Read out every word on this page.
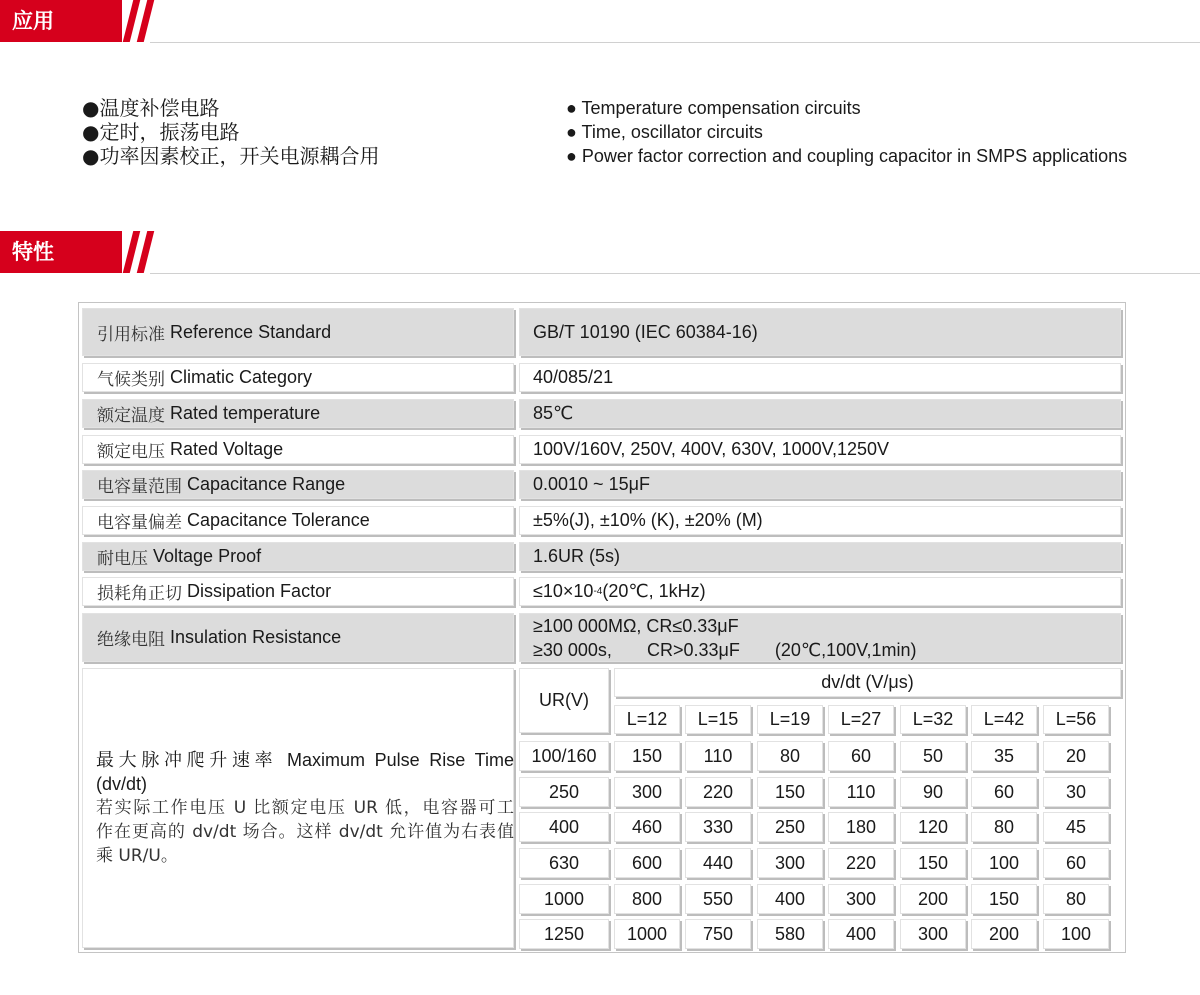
应用
●温度补偿电路
●定时，振荡电路
●功率因素校正，开关电源耦合用
● Temperature compensation circuits
● Time, oscillator circuits
● Power factor correction and coupling capacitor in SMPS applications
特性
引用标准
Reference Standard	GB/T 10190 (IEC 60384-16)
气候类别
Climatic Category	40/085/21
额定温度
Rated temperature	85℃
额定电压
Rated Voltage	100V/160V, 250V, 400V, 630V, 1000V,1250V
电容量范围
Capacitance Range	0.0010 ~ 15μF
电容量偏差
Capacitance Tolerance	±5%(J), ±10% (K), ±20% (M)
耐电压
Voltage Proof	1.6UR (5s)
损耗角正切
Dissipation Factor	≤10×10 -4 (20℃, 1kHz)
绝缘电阻
Insulation Resistance
≥100 000MΩ, CR≤0.33μF
≥30 000s,       CR>0.33μF       (20℃,100V,1min)
最大脉冲爬升速率 Maximum Pulse Rise Time
(dv/dt)
若实际工作电压 U 比额定电压 UR 低，电容器可工
作在更高的 dv/dt 场合。这样 dv/dt 允许值为右表值
乘 UR/U。
UR(V)
dv/dt (V/μs)
L=12 L=15 L=19 L=27 L=32 L=42 L=56
100/160 150 110	80	60	50	35	20
250	300 220 150 110	90	60	30
400	460 330 250 180 120	80	45
630	600 440 300 220 150 100	60
1000	800 550 400 300 200 150	80
1250 1000 750 580 400 300 200 100
